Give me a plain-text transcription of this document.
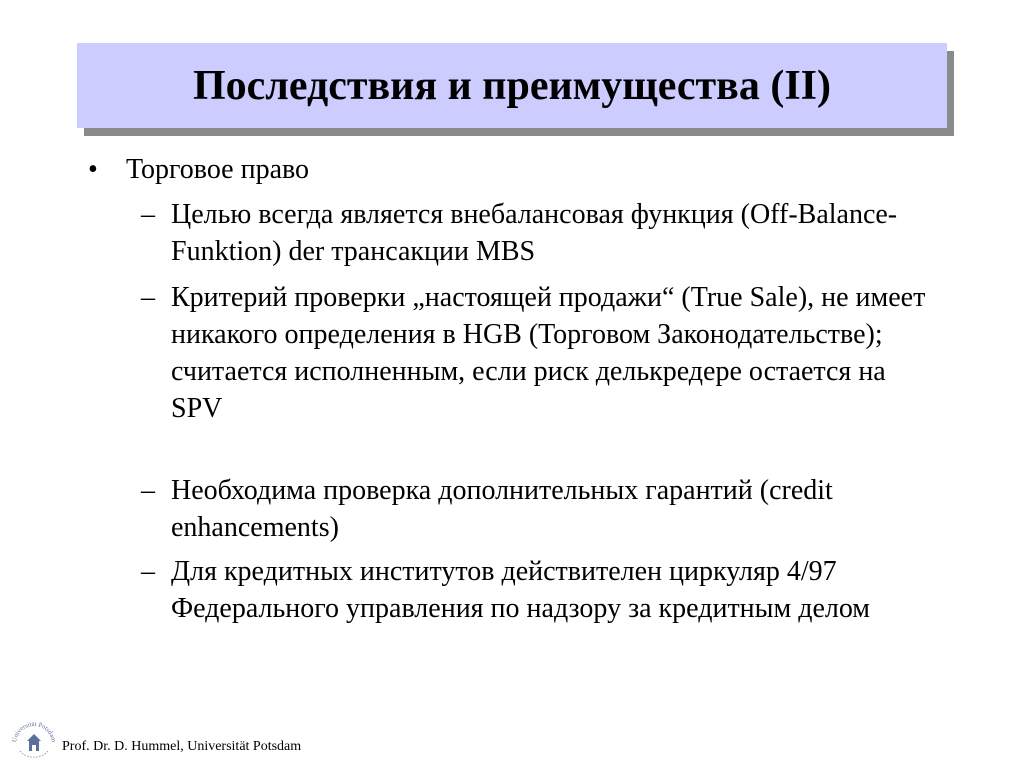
Последствия и преимущества (II)
• Торговое право
– Целью всегда является внебалансовая функция (Off-Balance-Funktion) der трансакции MBS
– Критерий проверки „настоящей продажи“ (True Sale), не имеет никакого определения в HGB (Торговом Законодательстве); считается исполненным, если риск делькредере остается на SPV
– Необходима проверка дополнительных гарантий (credit enhancements)
– Для кредитных институтов действителен циркуляр 4/97 Федерального управления по надзору за кредитным делом
Universität Potsdam Prof. Dr. D. Hummel, Universität Potsdam
